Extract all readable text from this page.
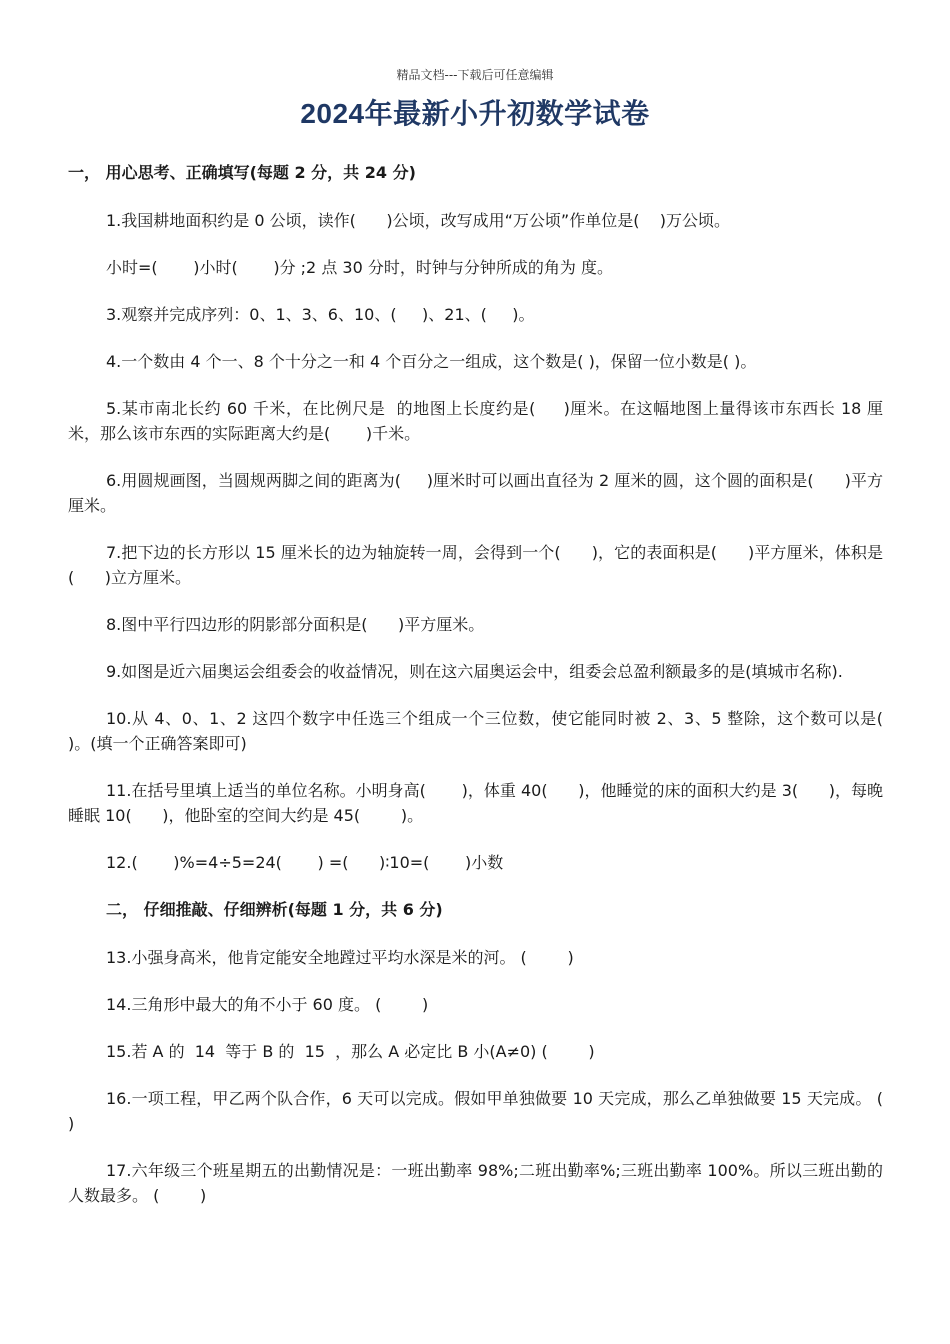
精品文档---下载后可任意编辑
2024年最新小升初数学试卷
一， 用心思考、正确填写(每题 2 分，共 24 分)

1.我国耕地面积约是 0 公顷，读作(      )公顷，改写成用“万公顷”作单位是(    )万公顷。

小时=(       )小时(       )分 ;2 点 30 分时，时钟与分钟所成的角为 度。

3.观察并完成序列：0、1、3、6、10、(     )、21、(     )。

4.一个数由 4 个一、8 个十分之一和 4 个百分之一组成，这个数是( )，保留一位小数是( )。

5.某市南北长约 60 千米，在比例尺是  的地图上长度约是(     )厘米。在这幅地图上量得该市东西长 18 厘米，那么该市东西的实际距离大约是(       )千米。

6.用圆规画图，当圆规两脚之间的距离为(     )厘米时可以画出直径为 2 厘米的圆，这个圆的面积是(      )平方厘米。

7.把下边的长方形以 15 厘米长的边为轴旋转一周，会得到一个(      )，它的表面积是(      )平方厘米，体积是(      )立方厘米。

8.图中平行四边形的阴影部分面积是(      )平方厘米。

9.如图是近六届奥运会组委会的收益情况，则在这六届奥运会中，组委会总盈利额最多的是(填城市名称).

10.从 4、0、1、2 这四个数字中任选三个组成一个三位数，使它能同时被 2、3、5 整除，这个数可以是(       )。(填一个正确答案即可)

11.在括号里填上适当的单位名称。小明身高(       )，体重 40(      )，他睡觉的床的面积大约是 3(      )，每晚睡眠 10(      )，他卧室的空间大约是 45(        )。

12.(       )%=4÷5=24(       ) =(      )∶10=(       )小数

二， 仔细推敲、仔细辨析(每题 1 分，共 6 分)

13.小强身高米，他肯定能安全地蹚过平均水深是米的河。 (        )

14.三角形中最大的角不小于 60 度。 (        )

15.若 A 的  14  等于 B 的  15  ，那么 A 必定比 B 小(A≠0) (        )

16.一项工程，甲乙两个队合作，6 天可以完成。假如甲单独做要 10 天完成，那么乙单独做要 15 天完成。 (        )

17.六年级三个班星期五的出勤情况是：一班出勤率 98%;二班出勤率%;三班出勤率 100%。所以三班出勤的人数最多。 (        )
